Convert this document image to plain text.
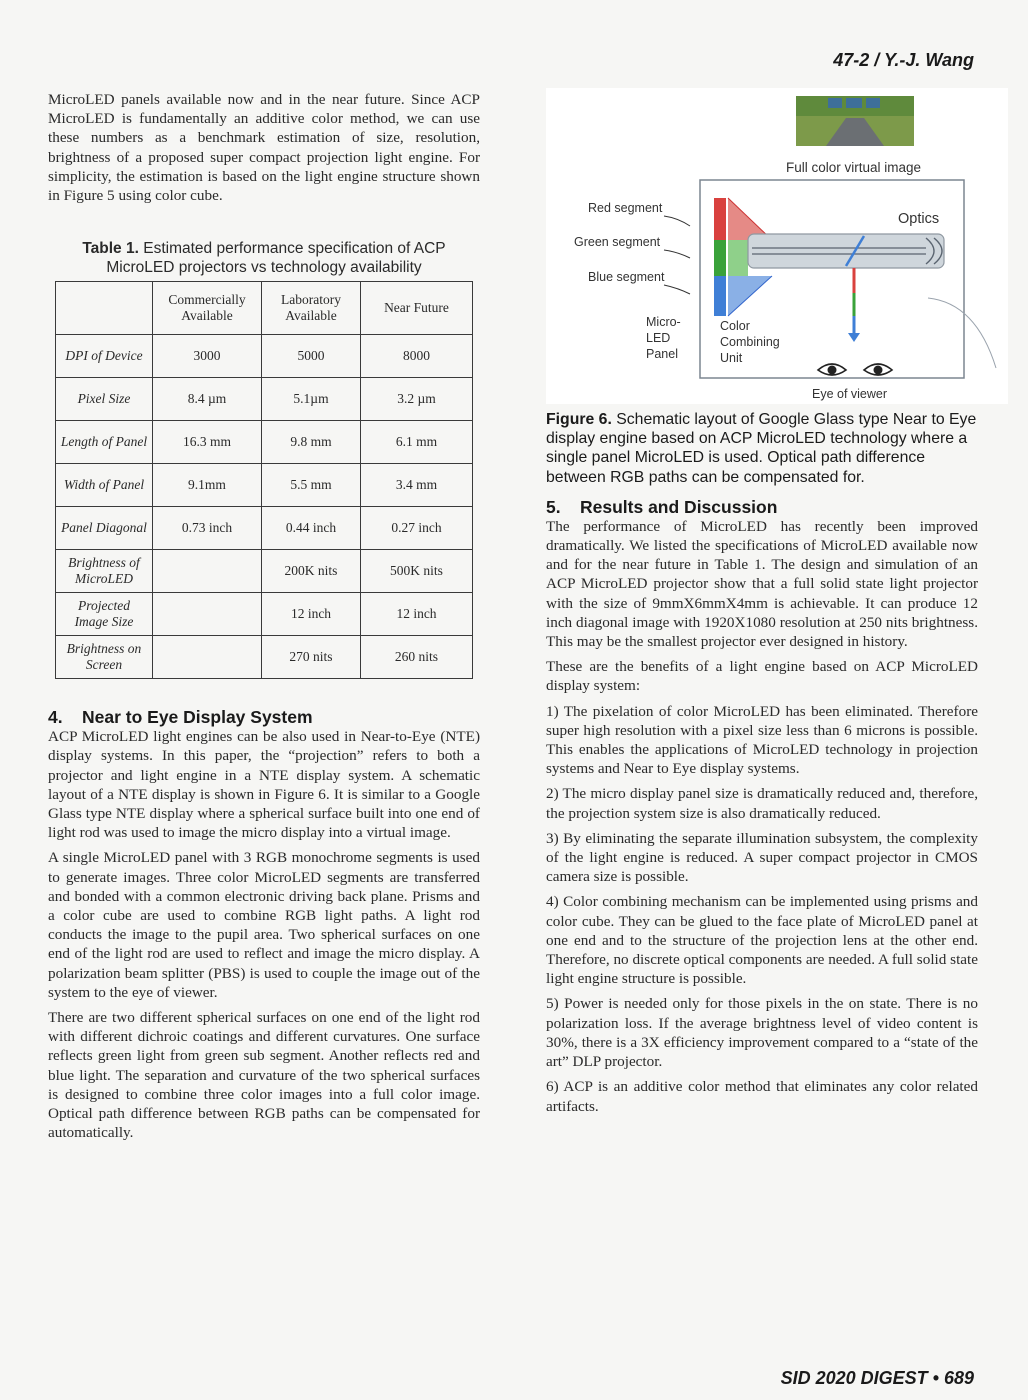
47-2 / Y.-J. Wang

MicroLED panels available now and in the near future. Since ACP MicroLED is fundamentally an additive color method, we can use these numbers as a benchmark estimation of size, resolution, brightness of a proposed super compact projection light engine. For simplicity, the estimation is based on the light engine structure shown in Figure 5 using color cube.

Table 1. Estimated performance specification of ACP
MicroLED projectors vs technology availability
	Commercially Available	Laboratory Available	Near Future
DPI of Device	3000	5000	8000
Pixel Size	8.4 µm	5.1µm	3.2 µm
Length of Panel	16.3 mm	9.8 mm	6.1 mm
Width of Panel	9.1mm	5.5 mm	3.4 mm
Panel Diagonal	0.73 inch	0.44 inch	0.27 inch
Brightness of MicroLED		200K nits	500K nits
Projected Image Size		12 inch	12 inch
Brightness on Screen		270 nits	260 nits
4. Near to Eye Display System

ACP MicroLED light engines can be also used in Near-to-Eye (NTE) display systems. In this paper, the “projection” refers to both a projector and light engine in a NTE display system. A schematic layout of a NTE display is shown in Figure 6. It is similar to a Google Glass type NTE display where a spherical surface built into one end of light rod was used to image the micro display into a virtual image.

A single MicroLED panel with 3 RGB monochrome segments is used to generate images. Three color MicroLED segments are transferred and bonded with a common electronic driving back plane. Prisms and a color cube are used to combine RGB light paths. A light rod conducts the image to the pupil area. Two spherical surfaces on one end of the light rod are used to reflect and image the micro display. A polarization beam splitter (PBS) is used to couple the image out of the system to the eye of viewer.

There are two different spherical surfaces on one end of the light rod with different dichroic coatings and different curvatures. One surface reflects green light from green sub segment. Another reflects red and blue light. The separation and curvature of the two spherical surfaces is designed to combine three color images into a full color image. Optical path difference between RGB paths can be compensated for automatically.

Full color virtual image
Optics
Red segment
Green segment
Blue segment
Micro-
LED
Panel
Color
Combining
Unit
Eye of viewer
Figure 6. Schematic layout of Google Glass type Near to Eye display engine based on ACP MicroLED technology where a single panel MicroLED is used. Optical path difference between RGB paths can be compensated for.
5. Results and Discussion

The performance of MicroLED has recently been improved dramatically. We listed the specifications of MicroLED available now and for the near future in Table 1. The design and simulation of an ACP MicroLED projector show that a full solid state light projector with the size of 9mmX6mmX4mm is achievable. It can produce 12 inch diagonal image with 1920X1080 resolution at 250 nits brightness. This may be the smallest projector ever designed in history.

These are the benefits of a light engine based on ACP MicroLED display system:

1) The pixelation of color MicroLED has been eliminated. Therefore super high resolution with a pixel size less than 6 microns is possible. This enables the applications of MicroLED technology in projection systems and Near to Eye display systems.

2) The micro display panel size is dramatically reduced and, therefore, the projection system size is also dramatically reduced.

3) By eliminating the separate illumination subsystem, the complexity of the light engine is reduced. A super compact projector in CMOS camera size is possible.

4) Color combining mechanism can be implemented using prisms and color cube. They can be glued to the face plate of MicroLED panel at one end and to the structure of the projection lens at the other end. Therefore, no discrete optical components are needed. A full solid state light engine structure is possible.

5) Power is needed only for those pixels in the on state. There is no polarization loss. If the average brightness level of video content is 30%, there is a 3X efficiency improvement compared to a “state of the art” DLP projector.

6) ACP is an additive color method that eliminates any color related artifacts.

SID 2020 DIGEST • 689
